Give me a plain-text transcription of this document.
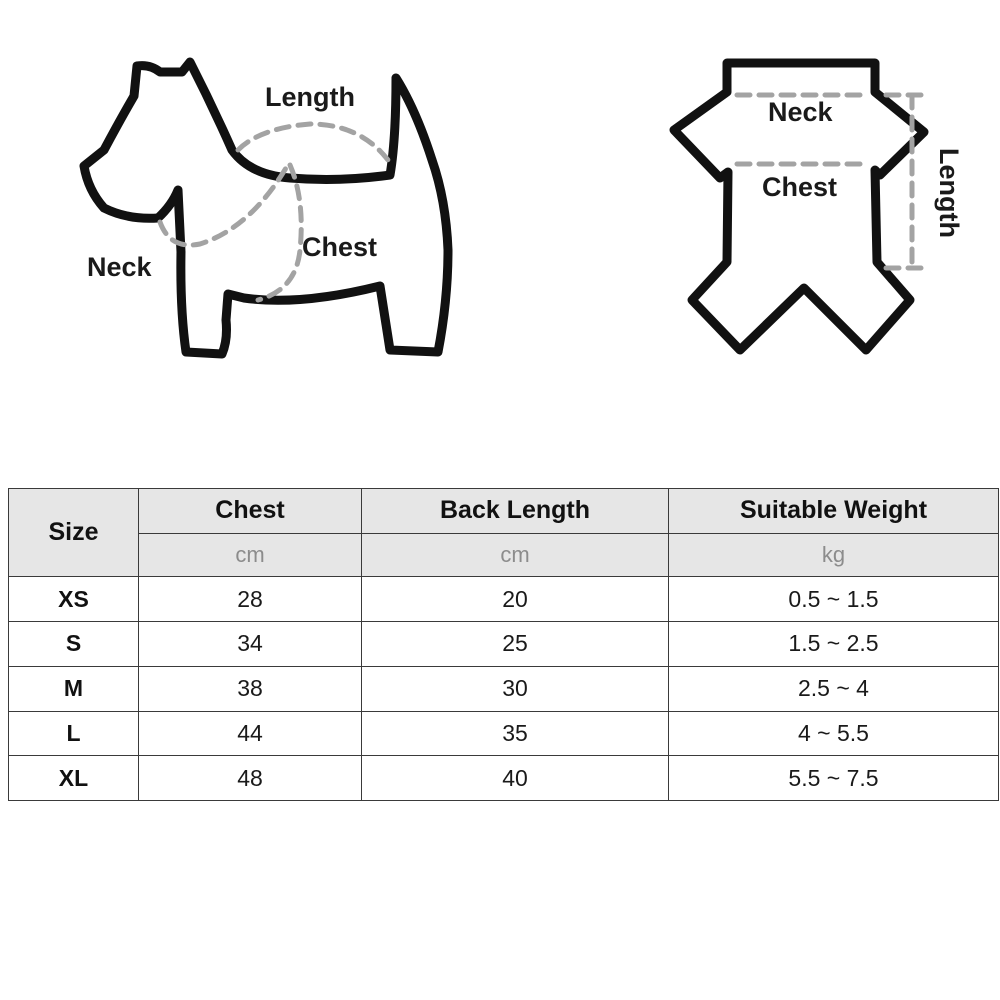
Length
Neck
Chest
Neck
Chest	Length
Size	Chest	Back Length	Suitable Weight
	cm	cm	kg
XS	28	20	0.5 ~ 1.5
S	34	25	1.5 ~ 2.5
M	38	30	2.5 ~ 4
L	44	35	4 ~ 5.5
XL	48	40	5.5 ~ 7.5
